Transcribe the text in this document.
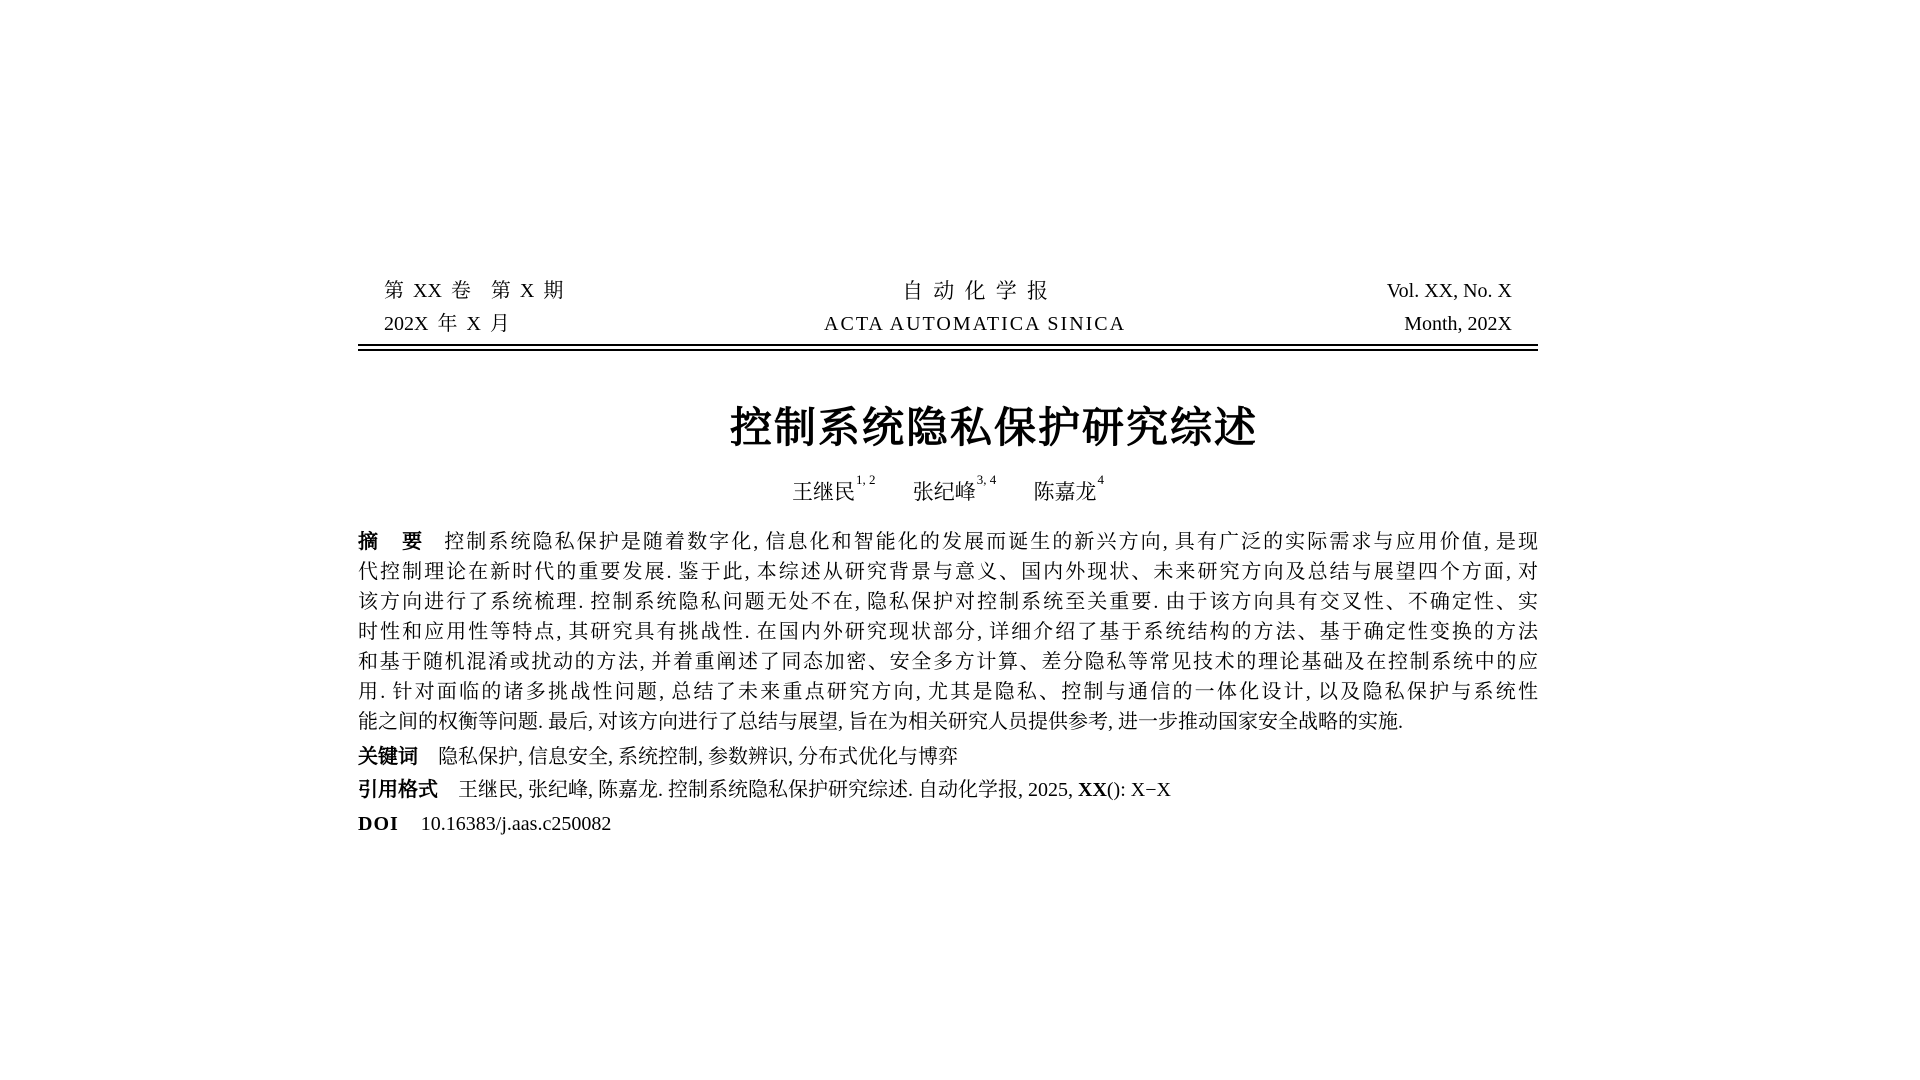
第 XX 卷　第 X 期
202X 年 X 月
自 动 化 学 报
ACTA AUTOMATICA SINICA
Vol. XX, No. X
Month, 202X
控制系统隐私保护研究综述
王继民$^{1, 2}$ 张纪峰$^{3, 4}$ 陈嘉龙$^4$
摘　要 控制系统隐私保护是随着数字化, 信息化和智能化的发展而诞生的新兴方向, 具有广泛的实际需求与应用价值, 是现
代控制理论在新时代的重要发展. 鉴于此, 本综述从研究背景与意义、国内外现状、未来研究方向及总结与展望四个方面, 对
该方向进行了系统梳理. 控制系统隐私问题无处不在, 隐私保护对控制系统至关重要. 由于该方向具有交叉性、不确定性、实
时性和应用性等特点, 其研究具有挑战性. 在国内外研究现状部分, 详细介绍了基于系统结构的方法、基于确定性变换的方法
和基于随机混淆或扰动的方法, 并着重阐述了同态加密、安全多方计算、差分隐私等常见技术的理论基础及在控制系统中的应
用. 针对面临的诸多挑战性问题, 总结了未来重点研究方向, 尤其是隐私、控制与通信的一体化设计, 以及隐私保护与系统性
能之间的权衡等问题. 最后, 对该方向进行了总结与展望, 旨在为相关研究人员提供参考, 进一步推动国家安全战略的实施.
关键词 隐私保护, 信息安全, 系统控制, 参数辨识, 分布式优化与博弈
引用格式 王继民, 张纪峰, 陈嘉龙. 控制系统隐私保护研究综述. 自动化学报, 2025, XX(): X−X
DOI 10.16383/j.aas.c250082
